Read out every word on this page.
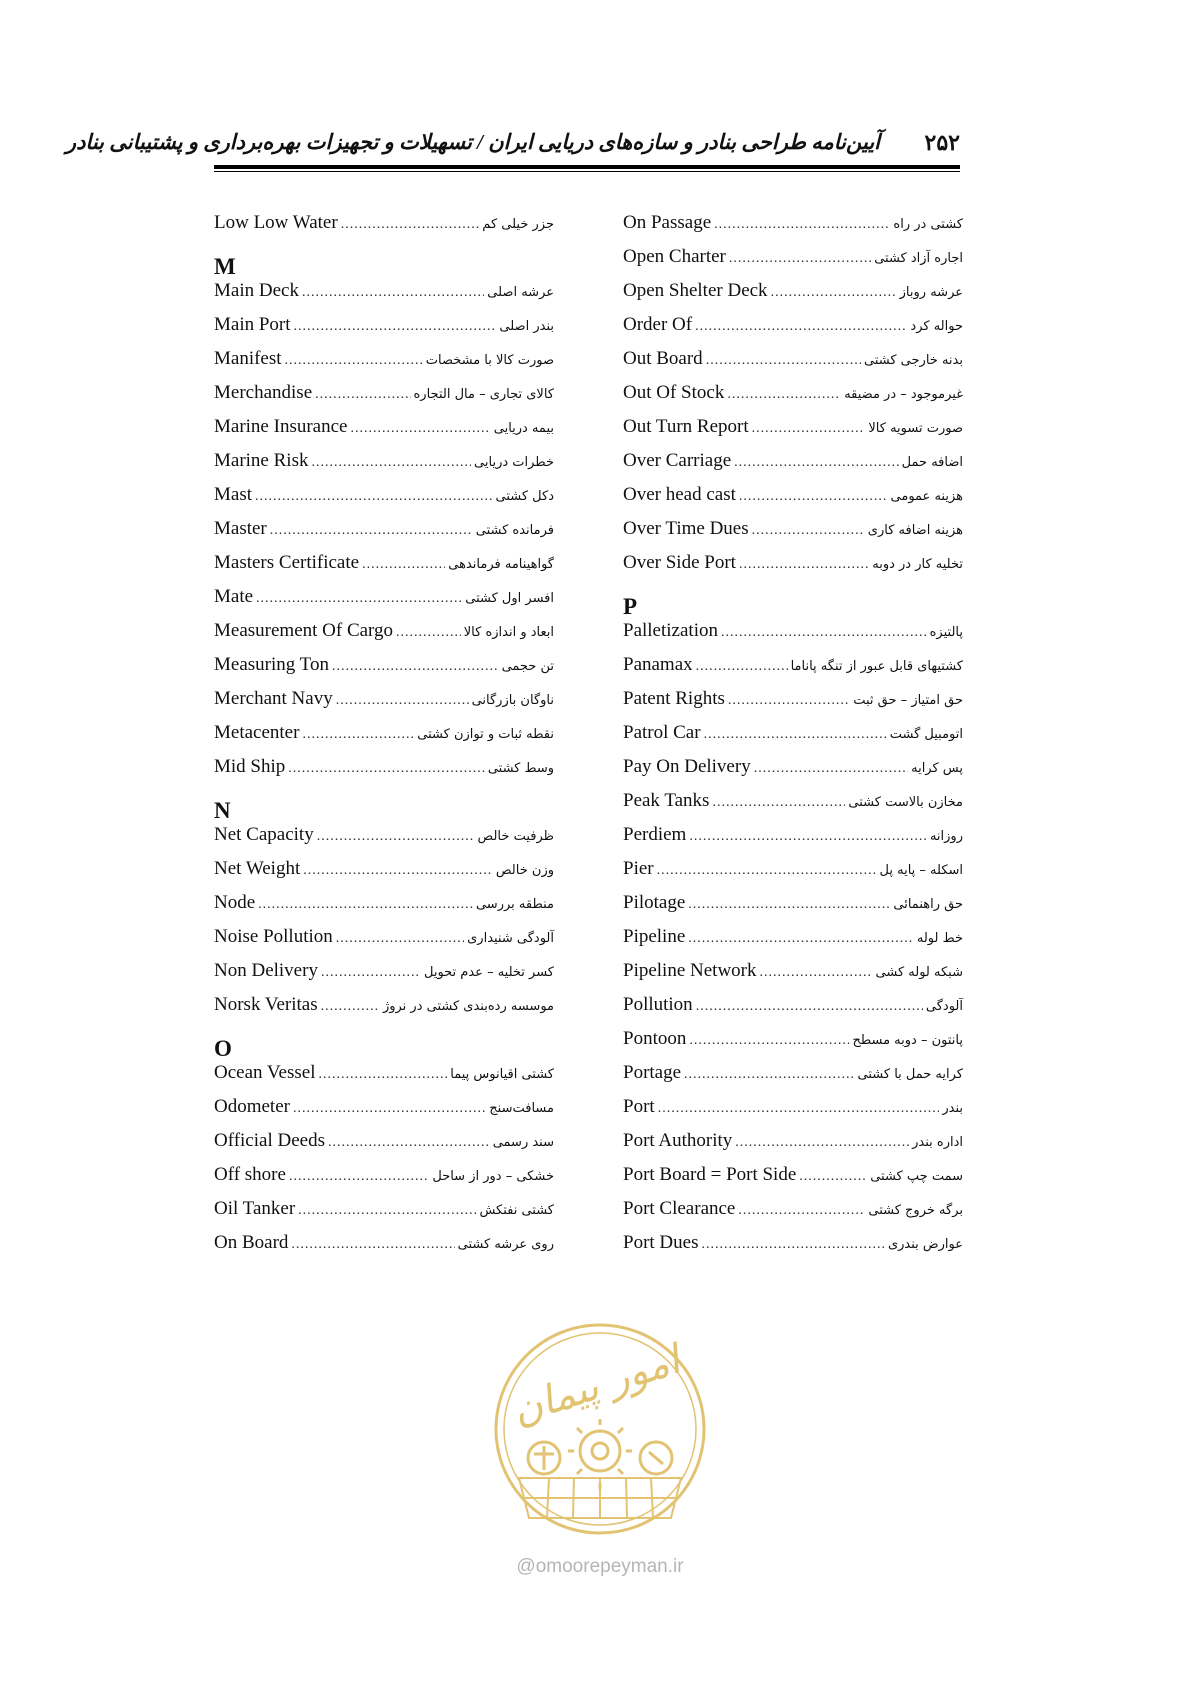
آیین‌نامه طراحی بنادر و سازه‌های دریایی ایران / تسهیلات و تجهیزات بهره‌برداری و پشتیبانی بنادر ۲۵۲
Low Low Water .....	جزر خیلی کم
M
Main Deck .....	عرشه اصلی
Main Port .....	بندر اصلی
Manifest .....	صورت کالا با مشخصات
Merchandise .....	کالای تجاری – مال التجاره
Marine Insurance .....	بیمه دریایی
Marine Risk .....	خطرات دریایی
Mast .....	دکل کشتی
Master .....	فرمانده کشتی
Masters Certificate .....	گواهینامه فرماندهی
Mate .....	افسر اول کشتی
Measurement Of Cargo .....	ابعاد و اندازه کالا
Measuring Ton .....	تن حجمی
Merchant Navy .....	ناوگان بازرگانی
Metacenter .....	نقطه ثبات و توازن کشتی
Mid Ship .....	وسط کشتی
N
Net Capacity .....	ظرفیت خالص
Net Weight .....	وزن خالص
Node .....	منطقه بررسی
Noise Pollution .....	آلودگی شنیداری
Non Delivery .....	کسر تخلیه – عدم تحویل
Norsk Veritas .....	موسسه رده‌بندی کشتی در نروژ
O
Ocean Vessel .....	کشتی اقیانوس پیما
Odometer .....	مسافت‌سنج
Official Deeds .....	سند رسمی
Off shore .....	خشکی – دور از ساحل
Oil Tanker .....	کشتی نفتکش
On Board .....	روی عرشه کشتی
On Passage .....	کشتی در راه
Open Charter .....	اجاره آزاد کشتی
Open Shelter Deck .....	عرشه روباز
Order Of .....	حواله کرد
Out Board .....	بدنه خارجی کشتی
Out Of Stock .....	غیرموجود – در مضیقه
Out Turn Report .....	صورت تسویه کالا
Over Carriage .....	اضافه حمل
Over head cast .....	هزینه عمومی
Over Time Dues .....	هزینه اضافه کاری
Over Side Port .....	تخلیه کار در دوبه
P
Palletization .....	پالتیزه
Panamax .....	کشتیهای قابل عبور از تنگه پاناما
Patent Rights .....	حق امتیاز – حق ثبت
Patrol Car .....	اتومبیل گشت
Pay On Delivery .....	پس کرایه
Peak Tanks .....	مخازن بالاست کشتی
Perdiem .....	روزانه
Pier .....	اسکله – پایه پل
Pilotage .....	حق راهنمائی
Pipeline .....	خط لوله
Pipeline Network .....	شبکه لوله کشی
Pollution .....	آلودگی
Pontoon .....	پانتون – دوبه مسطح
Portage .....	کرایه حمل با کشتی
Port .....	بندر
Port Authority .....	اداره بندر
Port Board = Port Side .....	سمت چپ کشتی
Port Clearance .....	برگه خروج کشتی
Port Dues .....	عوارض بندری
امور پیمان
@omoorepeyman.ir
